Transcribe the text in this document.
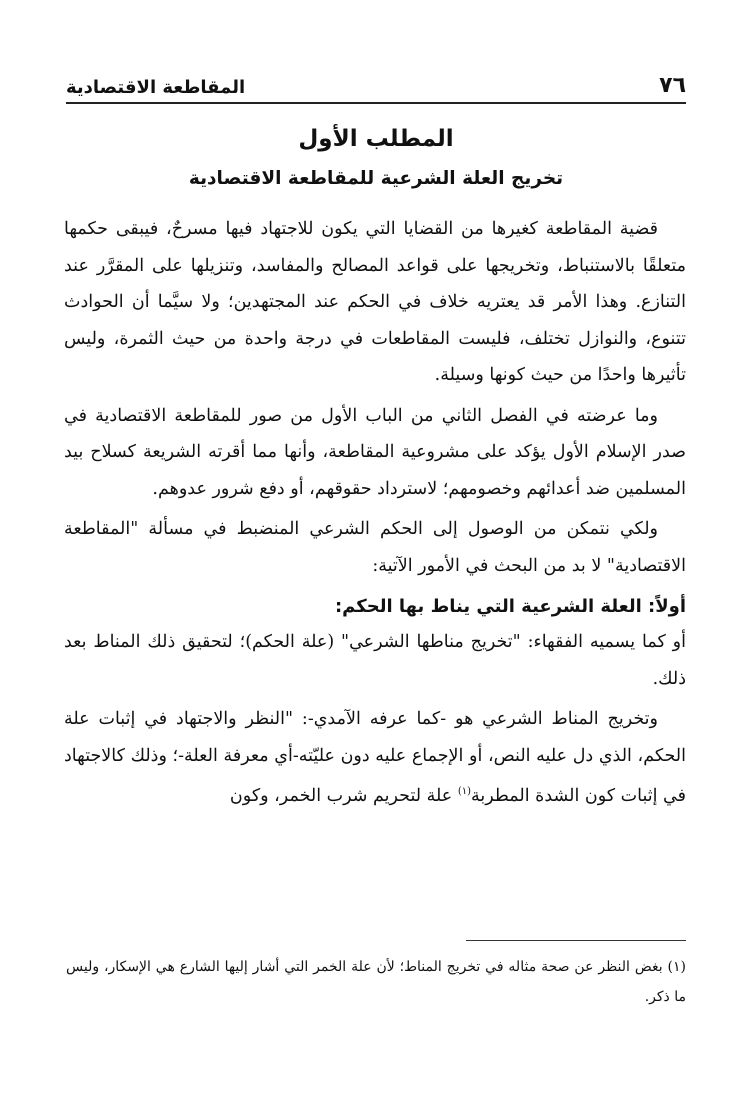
٧٦
المقاطعة الاقتصادية
المطلب الأول
تخريج العلة الشرعية للمقاطعة الاقتصادية

قضية المقاطعة كغيرها من القضايا التي يكون للاجتهاد فيها مسرحٌ، فيبقى حكمها متعلقًا بالاستنباط، وتخريجها على قواعد المصالح والمفاسد، وتنزيلها على المقرَّر عند التنازع. وهذا الأمر قد يعتريه خلاف في الحكم عند المجتهدين؛ ولا سيَّما أن الحوادث تتنوع، والنوازل تختلف، فليست المقاطعات في درجة واحدة من حيث الثمرة، وليس تأثيرها واحدًا من حيث كونها وسيلة.

وما عرضته في الفصل الثاني من الباب الأول من صور للمقاطعة الاقتصادية في صدر الإسلام الأول يؤكد على مشروعية المقاطعة، وأنها مما أقرته الشريعة كسلاح بيد المسلمين ضد أعدائهم وخصومهم؛ لاسترداد حقوقهم، أو دفع شرور عدوهم.

ولكي نتمكن من الوصول إلى الحكم الشرعي المنضبط في مسألة "المقاطعة الاقتصادية" لا بد من البحث في الأمور الآتية:

أولاً: العلة الشرعية التي يناط بها الحكم:

أو كما يسميه الفقهاء: "تخريج مناطها الشرعي" (علة الحكم)؛ لتحقيق ذلك المناط بعد ذلك.

وتخريج المناط الشرعي هو -كما عرفه الآمدي-: "النظر والاجتهاد في إثبات علة الحكم، الذي دل عليه النص، أو الإجماع عليه دون عليّته-أي معرفة العلة-؛ وذلك كالاجتهاد في إثبات كون الشدة المطربة$^{(١)}$ علة لتحريم شرب الخمر، وكون

(١) بغض النظر عن صحة مثاله في تخريج المناط؛ لأن علة الخمر التي أشار إليها الشارع هي الإسكار، وليس ما ذكر.
